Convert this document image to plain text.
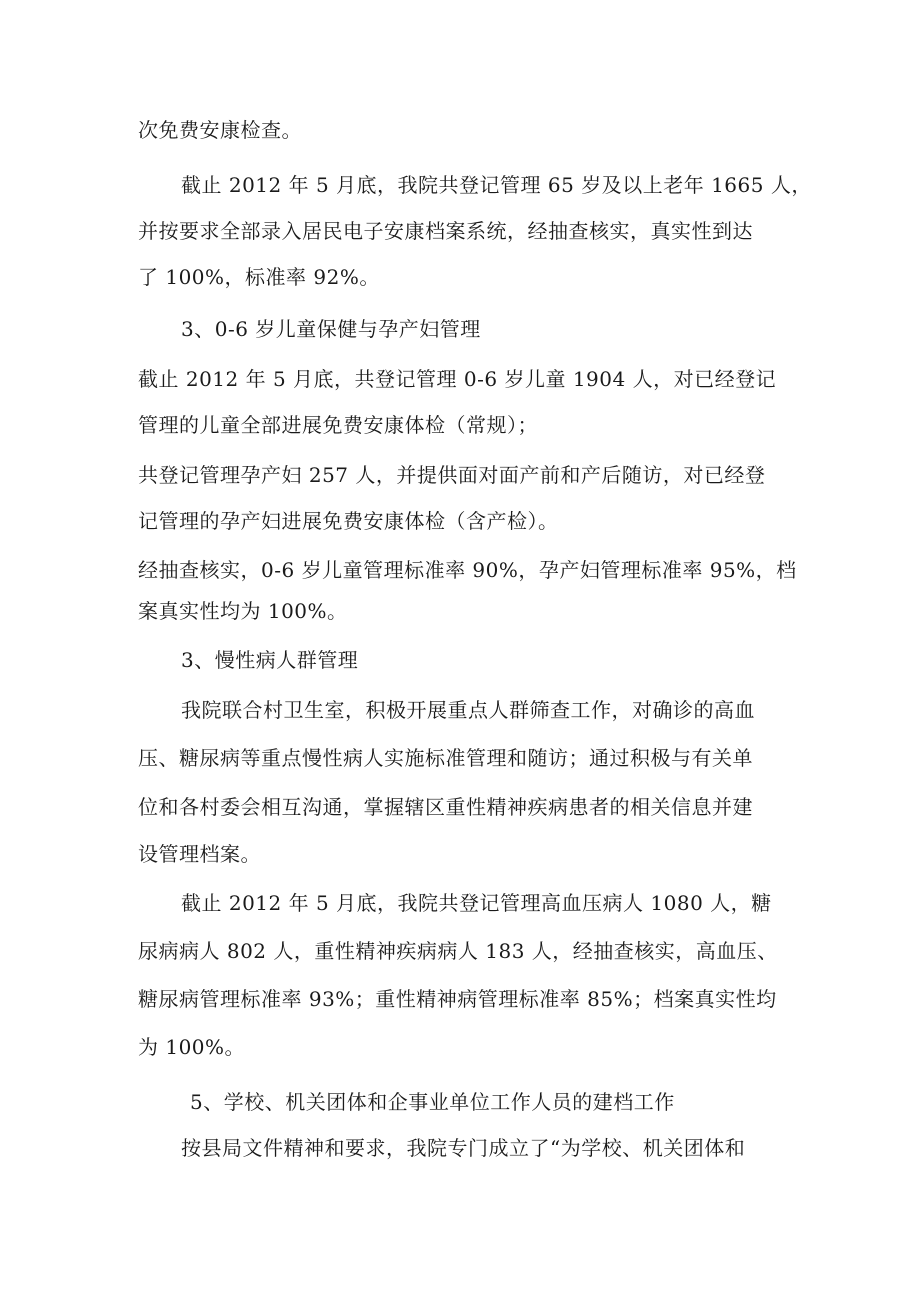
次免费安康检查。
截止 2012 年 5 月底，我院共登记管理 65 岁及以上老年 1665 人，
并按要求全部录入居民电子安康档案系统，经抽查核实，真实性到达
了 100%，标准率 92%。
3、0-6 岁儿童保健与孕产妇管理
截止 2012 年 5 月底，共登记管理 0-6 岁儿童 1904 人，对已经登记
管理的儿童全部进展免费安康体检（常规）；
共登记管理孕产妇 257 人，并提供面对面产前和产后随访，对已经登
记管理的孕产妇进展免费安康体检（含产检）。
经抽查核实，0-6 岁儿童管理标准率 90%，孕产妇管理标准率 95%，档
案真实性均为 100%。
3、慢性病人群管理
我院联合村卫生室，积极开展重点人群筛查工作，对确诊的高血
压、糖尿病等重点慢性病人实施标准管理和随访；通过积极与有关单
位和各村委会相互沟通，掌握辖区重性精神疾病患者的相关信息并建
设管理档案。
截止 2012 年 5 月底，我院共登记管理高血压病人 1080 人，糖
尿病病人 802 人，重性精神疾病病人 183 人，经抽查核实，高血压、
糖尿病管理标准率 93%；重性精神病管理标准率 85%；档案真实性均
为 100%。
5、学校、机关团体和企事业单位工作人员的建档工作
按县局文件精神和要求，我院专门成立了“为学校、机关团体和
